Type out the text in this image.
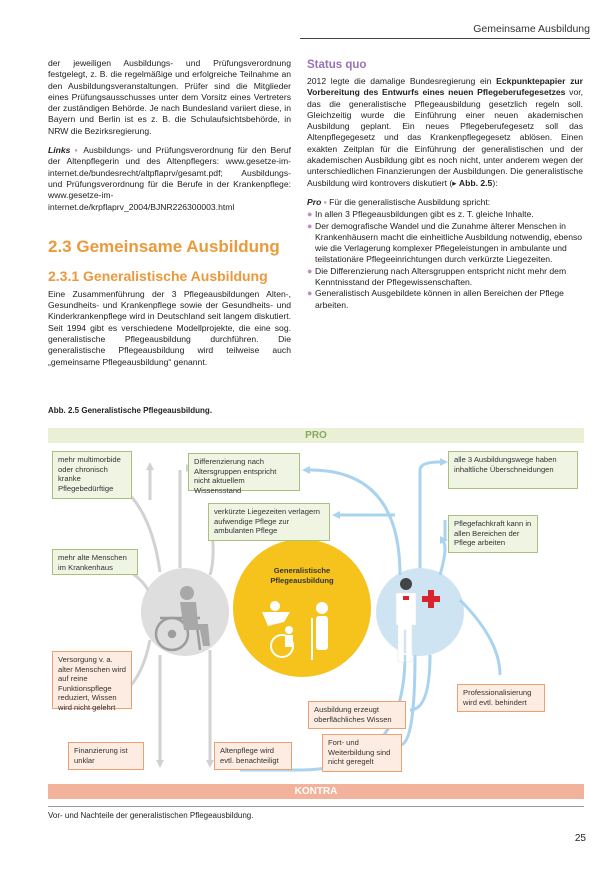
Gemeinsame Ausbildung

der jeweiligen Ausbildungs- und Prüfungsverordnung festgelegt, z. B. die regelmäßige und erfolgreiche Teilnahme an den Ausbildungsveranstaltungen. Prüfer sind die Mitglieder eines Prüfungsausschusses unter dem Vorsitz eines Vertreters der zuständigen Behörde. Je nach Bundesland variiert diese, in Bayern und Berlin ist es z. B. die Schulaufsichtsbehörde, in NRW die Bezirksregierung.

Links ▪ Ausbildungs- und Prüfungsverordnung für den Beruf der Altenpflegerin und des Altenpflegers: www.gesetze-im-internet.de/bundesrecht/altpflaprv/gesamt.pdf; Ausbildungs- und Prüfungsverordnung für die Berufe in der Krankenpflege: www.gesetze-im-internet.de/krpflaprv_2004/BJNR226300003.html

2.3 Gemeinsame Ausbildung
2.3.1 Generalistische Ausbildung

Eine Zusammenführung der 3 Pflegeausbildungen Alten-, Gesundheits- und Krankenpflege sowie der Gesundheits- und Kinderkrankenpflege wird in Deutschland seit langem diskutiert. Seit 1994 gibt es verschiedene Modellprojekte, die eine sog. generalistische Pflegeausbildung durchführen. Die generalistische Pflegeausbildung wird teilweise auch „gemeinsame Pflegeausbildung“ genannt.

Status quo

2012 legte die damalige Bundesregierung ein Eckpunktepapier zur Vorbereitung des Entwurfs eines neuen Pflegeberufegesetzes vor, das die generalistische Pflegeausbildung gesetzlich regeln soll. Gleichzeitig wurde die Einführung einer neuen akademischen Ausbildung geplant. Ein neues Pflegeberufegesetz soll das Altenpflegegesetz und das Krankenpflegegesetz ablösen. Einen exakten Zeitplan für die Einführung der generalistischen und der akademischen Ausbildung gibt es noch nicht, unter anderem wegen der unterschiedlichen Finanzierungen der Ausbildungen. Die generalistische Ausbildung wird kontrovers diskutiert (▸ Abb. 2.5):

Pro ▪ Für die generalistische Ausbildung spricht:

● In allen 3 Pflegeausbildungen gibt es z. T. gleiche Inhalte.
● Der demografische Wandel und die Zunahme älterer Menschen in Krankenhäusern macht die einheitliche Ausbildung notwendig, ebenso wie die Verlagerung komplexer Pflegeleistungen in ambulante und teilstationäre Pflegeeinrichtungen durch verkürzte Liegezeiten.
● Die Differenzierung nach Altersgruppen entspricht nicht mehr dem Kenntnisstand der Pflegewissenschaften.
● Generalistisch Ausgebildete können in allen Bereichen der Pflege arbeiten.
Abb. 2.5 Generalistische Pflegeausbildung.
PRO
Generalistische
Pflegeausbildung
mehr multimorbide oder chronisch kranke Pflegebedürftige
Differenzierung nach Altersgruppen entspricht nicht aktuellem Wissensstand
alle 3 Ausbildungswege haben inhaltliche Überschneidungen
verkürzte Liegezeiten verlagern aufwendige Pflege zur ambulanten Pflege
Pflegefachkraft kann in allen Bereichen der Pflege arbeiten
mehr alte Menschen im Krankenhaus
Versorgung v. a. alter Menschen wird auf reine Funktionspflege reduziert, Wissen wird nicht gelehrt
Professionalisierung wird evtl. behindert
Ausbildung erzeugt oberflächliches Wissen
Fort- und Weiterbildung sind nicht geregelt
Finanzierung ist unklar
Altenpflege wird evtl. benachteiligt
KONTRA
Vor- und Nachteile der generalistischen Pflegeausbildung.
25
